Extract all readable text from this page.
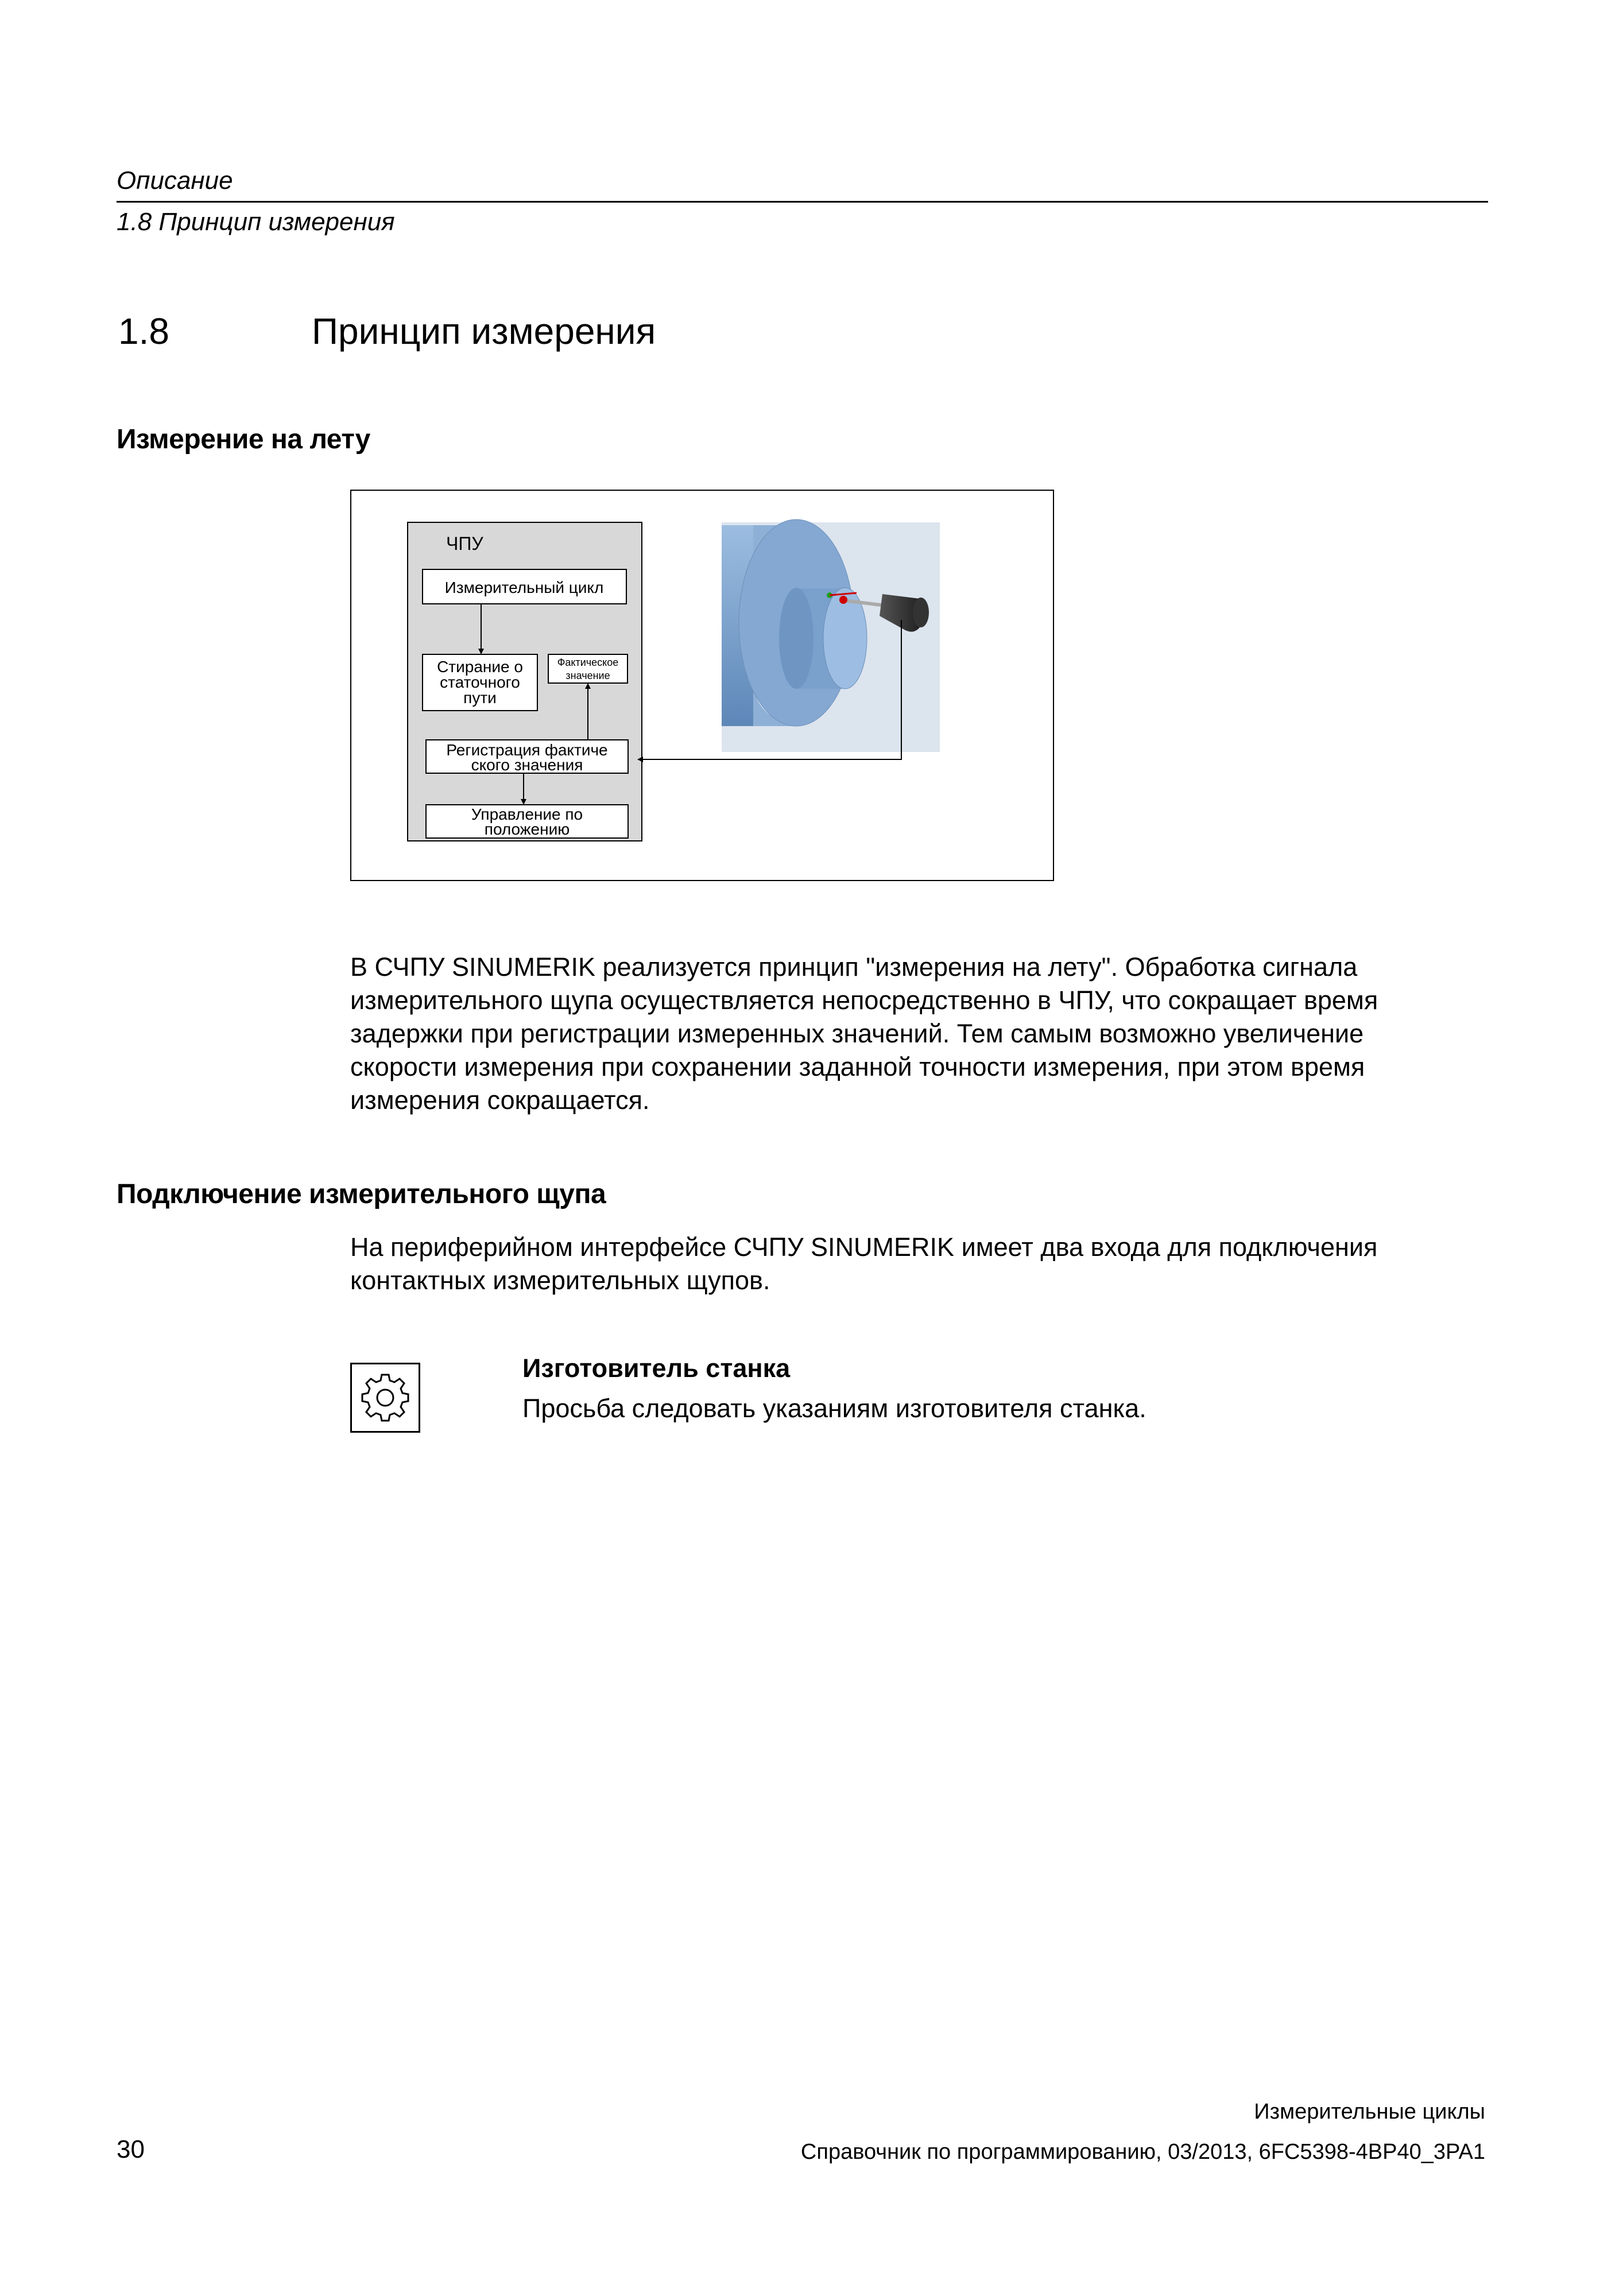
Описание
1.8 Принцип измерения
1.8	Принцип измерения
Измерение на лету
ЧПУ
Измерительный цикл
Стирание о
статочного
пути
Фактическое
значение
Регистрация фактиче
ского значения
Управление по
положению

В СЧПУ SINUMERIK реализуется принцип "измерения на лету". Обработка сигнала

измерительного щупа осуществляется непосредственно в ЧПУ, что сокращает время

задержки при регистрации измеренных значений. Тем самым возможно увеличение

скорости измерения при сохранении заданной точности измерения, при этом время

измерения сокращается.

Подключение измерительного щупа

На периферийном интерфейсе СЧПУ SINUMERIK имеет два входа для подключения

контактных измерительных щупов.

Изготовитель станка
Просьба следовать указаниям изготовителя станка.
Измерительные циклы
30	Справочник по программированию, 03/2013, 6FC5398-4BP40_3PA1
